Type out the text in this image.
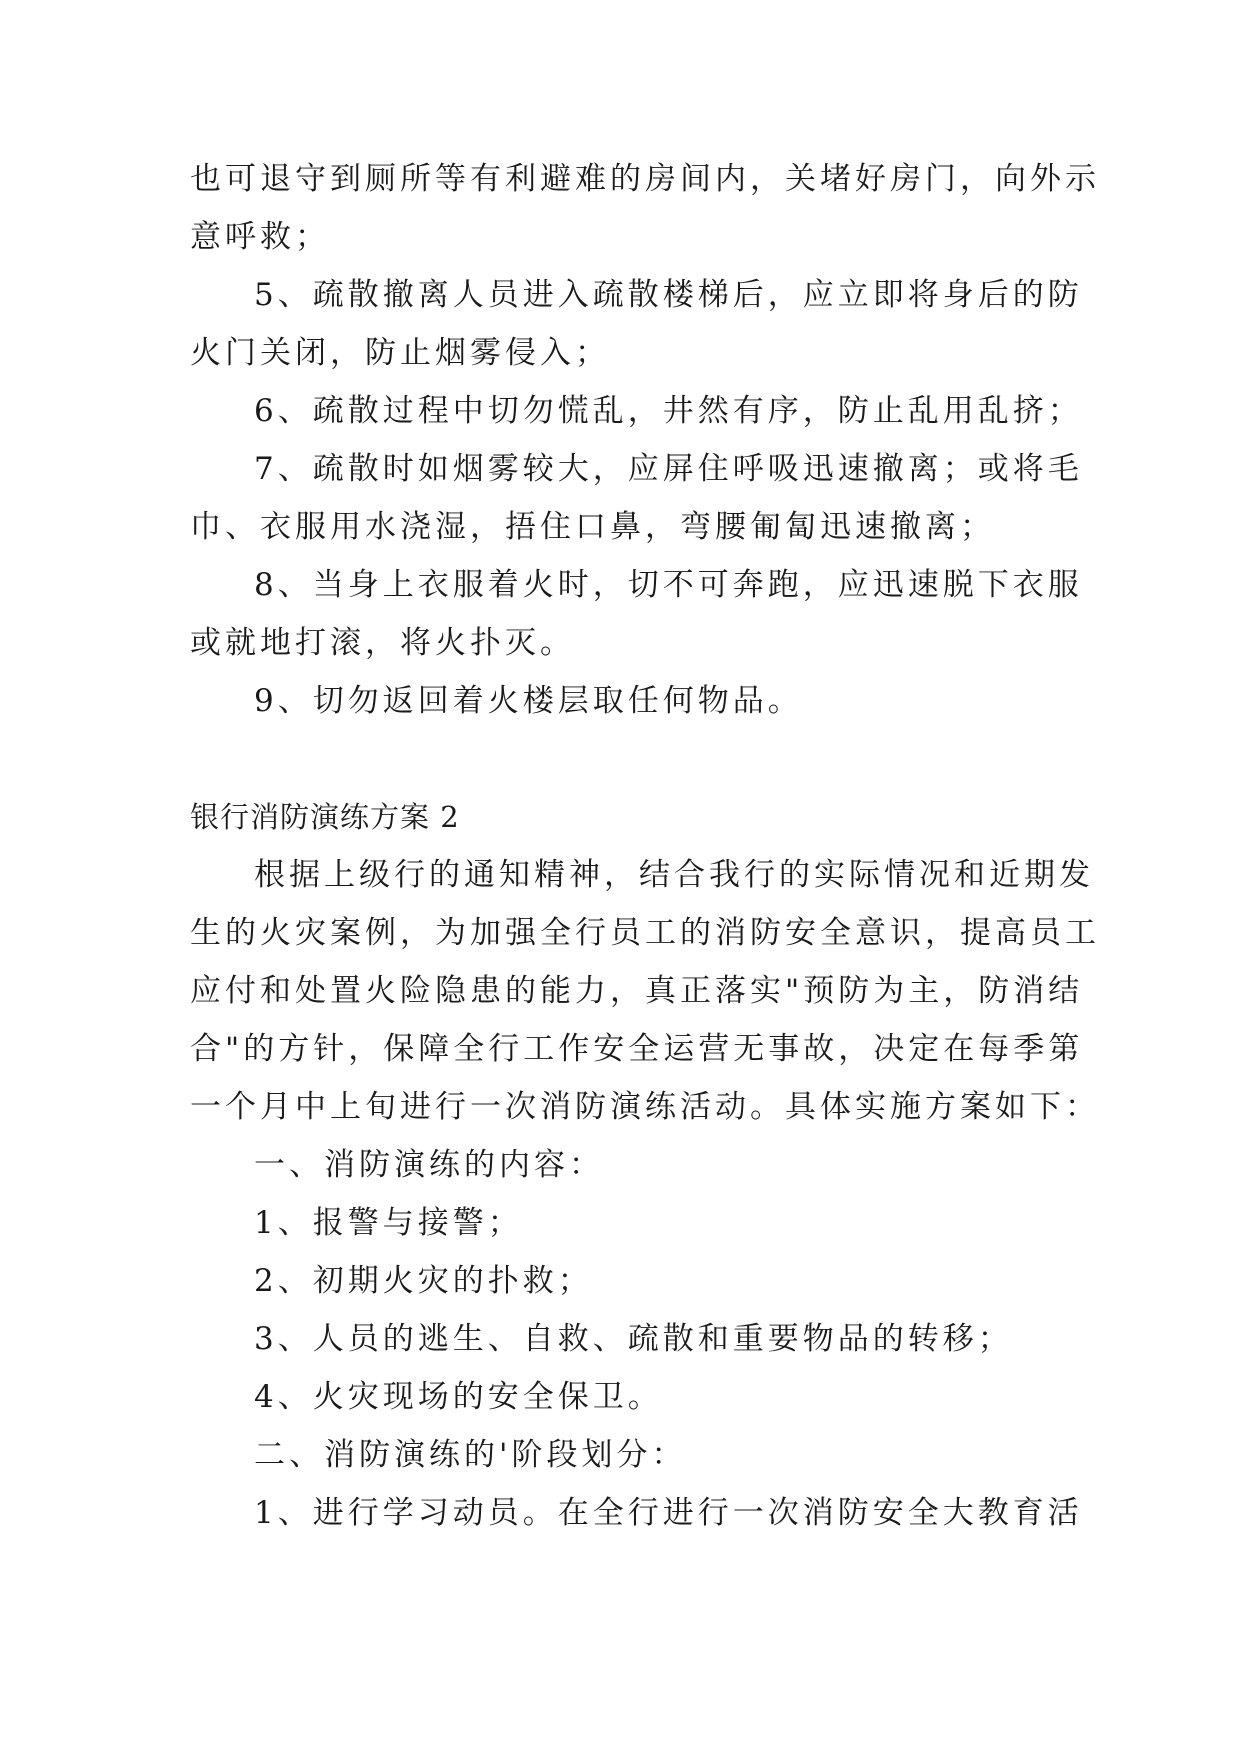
也可退守到厕所等有利避难的房间内，关堵好房门，向外示
意呼救；
5、疏散撤离人员进入疏散楼梯后，应立即将身后的防
火门关闭，防止烟雾侵入；
6、疏散过程中切勿慌乱，井然有序，防止乱用乱挤；
7、疏散时如烟雾较大，应屏住呼吸迅速撤离；或将毛
巾、衣服用水浇湿，捂住口鼻，弯腰匍匐迅速撤离；
8、当身上衣服着火时，切不可奔跑，应迅速脱下衣服
或就地打滚，将火扑灭。
9、切勿返回着火楼层取任何物品。
银行消防演练方案 2
根据上级行的通知精神，结合我行的实际情况和近期发
生的火灾案例，为加强全行员工的消防安全意识，提高员工
应付和处置火险隐患的能力，真正落实"预防为主，防消结
合"的方针，保障全行工作安全运营无事故，决定在每季第
一个月中上旬进行一次消防演练活动。具体实施方案如下：
一、消防演练的内容：
1、报警与接警；
2、初期火灾的扑救；
3、人员的逃生、自救、疏散和重要物品的转移；
4、火灾现场的安全保卫。
二、消防演练的'阶段划分：
1、进行学习动员。在全行进行一次消防安全大教育活
